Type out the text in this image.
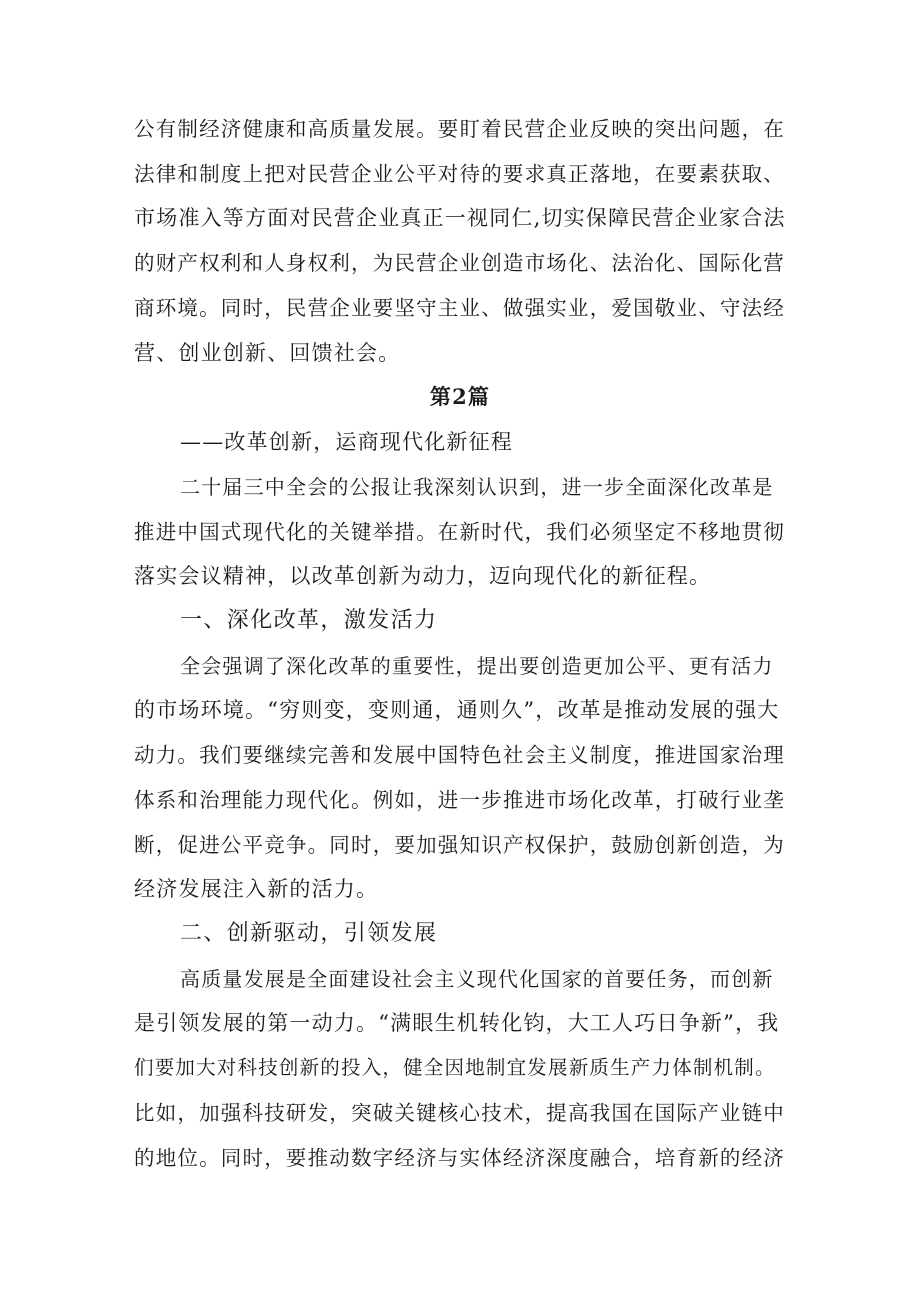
公有制经济健康和高质量发展。要盯着民营企业反映的突出问题，在

法律和制度上把对民营企业公平对待的要求真正落地，在要素获取、

市场准入等方面对民营企业真正一视同仁,切实保障民营企业家合法

的财产权利和人身权利，为民营企业创造市场化、法治化、国际化营

商环境。同时，民营企业要坚守主业、做强实业，爱国敬业、守法经

营、创业创新、回馈社会。

第2篇

——改革创新，运商现代化新征程

二十届三中全会的公报让我深刻认识到，进一步全面深化改革是

推进中国式现代化的关键举措。在新时代，我们必须坚定不移地贯彻

落实会议精神，以改革创新为动力，迈向现代化的新征程。

一、深化改革，激发活力

全会强调了深化改革的重要性，提出要创造更加公平、更有活力

的市场环境。“穷则变，变则通，通则久”，改革是推动发展的强大

动力。我们要继续完善和发展中国特色社会主义制度，推进国家治理

体系和治理能力现代化。例如，进一步推进市场化改革，打破行业垄

断，促进公平竞争。同时，要加强知识产权保护，鼓励创新创造，为

经济发展注入新的活力。

二、创新驱动，引领发展

高质量发展是全面建设社会主义现代化国家的首要任务，而创新

是引领发展的第一动力。“满眼生机转化钧，大工人巧日争新”，我

们要加大对科技创新的投入，健全因地制宜发展新质生产力体制机制。

比如，加强科技研发，突破关键核心技术，提高我国在国际产业链中

的地位。同时，要推动数字经济与实体经济深度融合，培育新的经济
